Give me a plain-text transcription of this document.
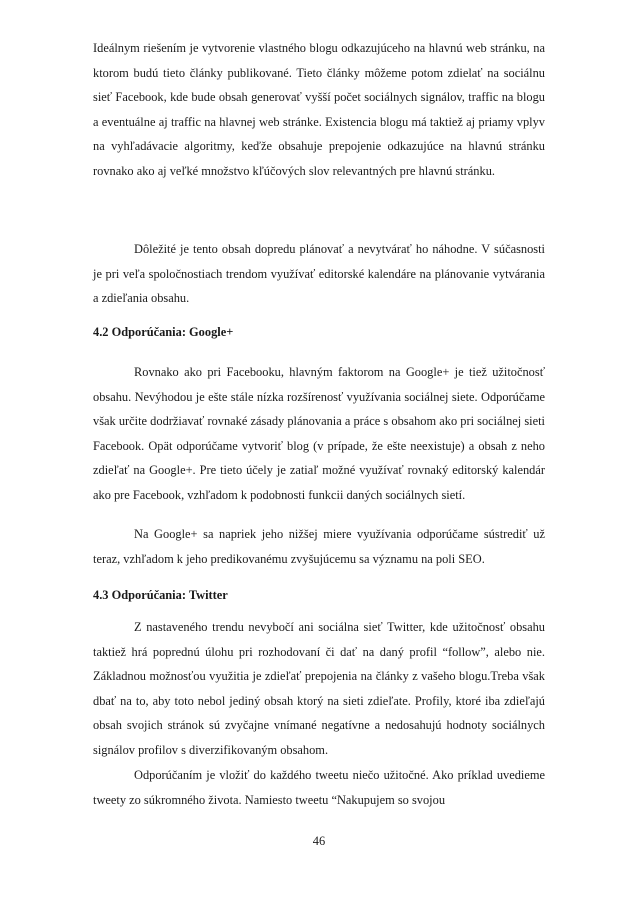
Ideálnym riešením je vytvorenie vlastného blogu odkazujúceho na hlavnú web stránku, na ktorom budú tieto články publikované. Tieto články môžeme potom zdielať na sociálnu sieť Facebook, kde bude obsah generovať vyšší počet sociálnych signálov, traffic na blogu a eventuálne aj traffic na hlavnej web stránke. Existencia blogu má taktiež aj priamy vplyv na vyhľadávacie algoritmy, keďže obsahuje prepojenie odkazujúce na hlavnú stránku rovnako ako aj veľké množstvo kľúčových slov relevantných pre hlavnú stránku.

Dôležité je tento obsah dopredu plánovať a nevytvárať ho náhodne. V súčasnosti je pri veľa spoločnostiach trendom využívať editorské kalendáre na plánovanie vytvárania a zdieľania obsahu.

4.2 Odporúčania: Google+

Rovnako ako pri Facebooku, hlavným faktorom na Google+ je tiež užitočnosť obsahu. Nevýhodou je ešte stále nízka rozšírenosť využívania sociálnej siete. Odporúčame však určite dodržiavať rovnaké zásady plánovania a práce s obsahom ako pri sociálnej sieti Facebook. Opät odporúčame vytvoriť blog (v prípade, že ešte neexistuje) a obsah z neho zdieľať na Google+. Pre tieto účely je zatiaľ možné využívať rovnaký editorský kalendár ako pre Facebook, vzhľadom k podobnosti funkcii daných sociálnych sietí.

Na Google+ sa napriek jeho nižšej miere využívania odporúčame sústrediť už teraz, vzhľadom k jeho predikovanému zvyšujúcemu sa významu na poli SEO.

4.3 Odporúčania: Twitter

Z nastaveného trendu nevybočí ani sociálna sieť Twitter, kde užitočnosť obsahu taktiež hrá poprednú úlohu pri rozhodovaní či dať na daný profil “follow”, alebo nie. Základnou možnosťou využitia je zdieľať prepojenia na články z vašeho blogu.Treba však dbať na to, aby toto nebol jediný obsah ktorý na sieti zdieľate. Profily, ktoré iba zdieľajú obsah svojich stránok sú zvyčajne vnímané negatívne a nedosahujú hodnoty sociálnych signálov profilov s diverzifikovaným obsahom.

Odporúčaním je vložiť do každého tweetu niečo užitočné. Ako príklad uvedieme tweety zo súkromného života. Namiesto tweetu “Nakupujem so svojou

46
